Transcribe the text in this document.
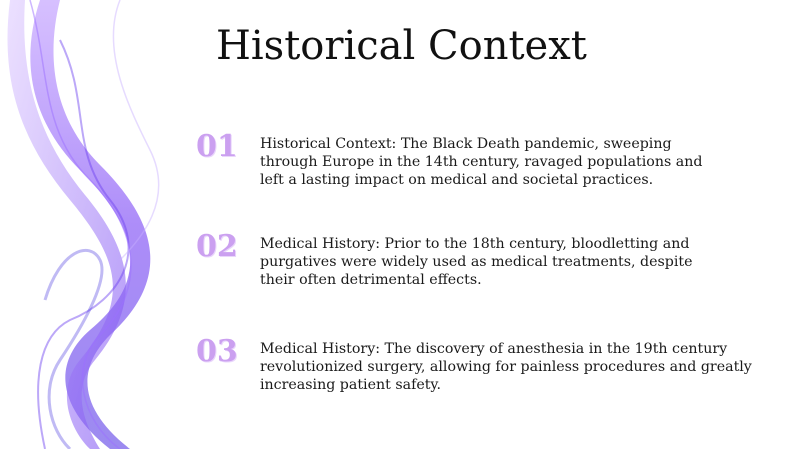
Historical Context
01	Historical Context: The Black Death pandemic, sweeping through Europe in the 14th century, ravaged populations and left a lasting impact on medical and societal practices.

02	Medical History: Prior to the 18th century, bloodletting and purgatives were widely used as medical treatments, despite their often detrimental effects.

03	Medical History: The discovery of anesthesia in the 19th century revolutionized surgery, allowing for painless procedures and greatly increasing patient safety.
